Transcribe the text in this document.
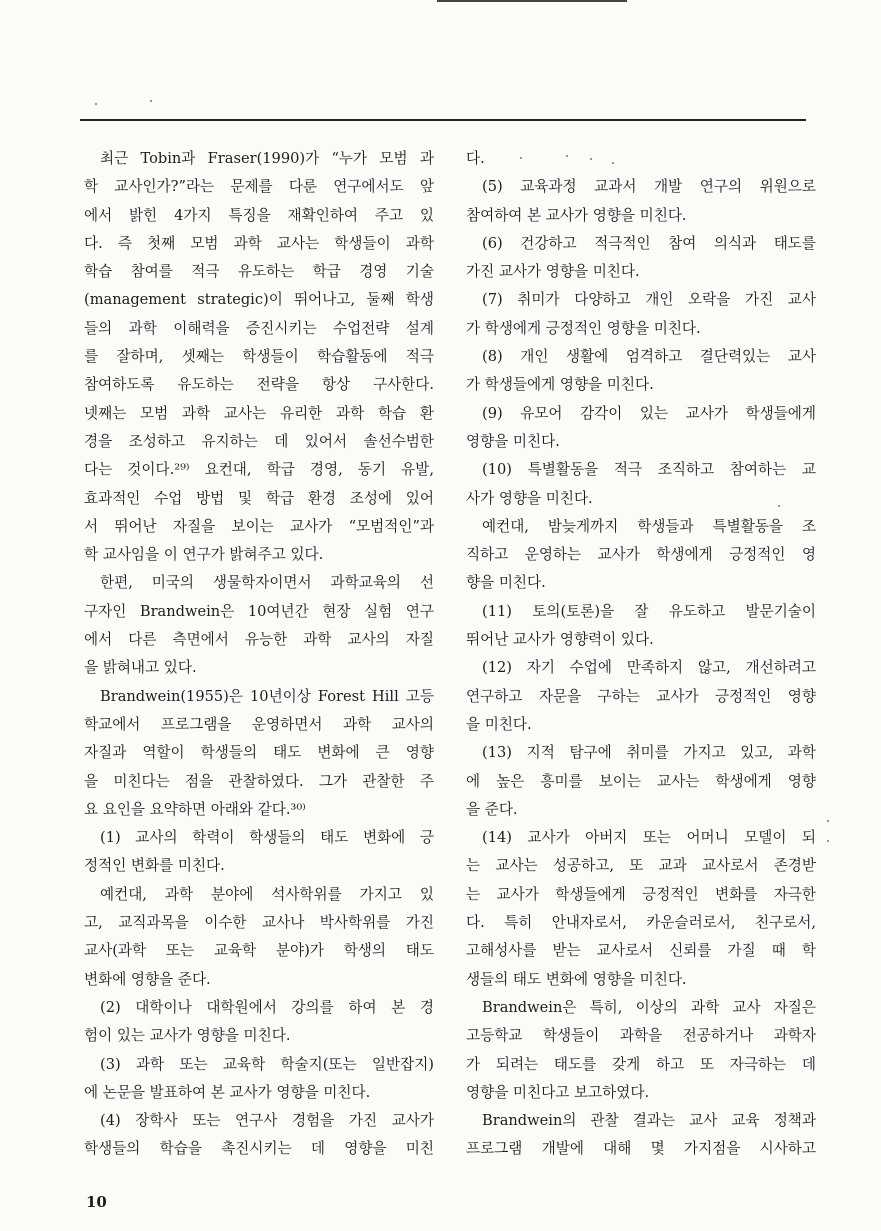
최근 Tobin과 Fraser(1990)가 “누가 모범 과
학 교사인가?”라는 문제를 다룬 연구에서도 앞
에서 밝힌 4가지 특징을 재확인하여 주고 있
다. 즉 첫째 모범 과학 교사는 학생들이 과학
학습 참여를 적극 유도하는 학급 경영 기술
(management strategic)이 뛰어나고, 둘째 학생
들의 과학 이해력을 증진시키는 수업전략 설계
를 잘하며, 셋째는 학생들이 학습활동에 적극
참여하도록 유도하는 전략을 항상 구사한다.
넷째는 모범 과학 교사는 유리한 과학 학습 환
경을 조성하고 유지하는 데 있어서 솔선수범한
다는 것이다.²⁹⁾ 요컨대, 학급 경영, 동기 유발,
효과적인 수업 방법 및 학급 환경 조성에 있어
서 뛰어난 자질을 보이는 교사가 “모범적인”과
학 교사임을 이 연구가 밝혀주고 있다.
한편, 미국의 생물학자이면서 과학교육의 선
구자인 Brandwein은 10여년간 현장 실험 연구
에서 다른 측면에서 유능한 과학 교사의 자질
을 밝혀내고 있다.
Brandwein(1955)은 10년이상 Forest Hill 고등
학교에서 프로그램을 운영하면서 과학 교사의
자질과 역할이 학생들의 태도 변화에 큰 영향
을 미친다는 점을 관찰하였다. 그가 관찰한 주
요 요인을 요약하면 아래와 같다.³⁰⁾
(1) 교사의 학력이 학생들의 태도 변화에 긍
정적인 변화를 미친다.
예컨대, 과학 분야에 석사학위를 가지고 있
고, 교직과목을 이수한 교사나 박사학위를 가진
교사(과학 또는 교육학 분야)가 학생의 태도
변화에 영향을 준다.
(2) 대학이나 대학원에서 강의를 하여 본 경
험이 있는 교사가 영향을 미친다.
(3) 과학 또는 교육학 학술지(또는 일반잡지)
에 논문을 발표하여 본 교사가 영향을 미친다.
(4) 장학사 또는 연구사 경험을 가진 교사가
학생들의 학습을 촉진시키는 데 영향을 미친
다.
(5) 교육과정 교과서 개발 연구의 위원으로
참여하여 본 교사가 영향을 미친다.
(6) 건강하고 적극적인 참여 의식과 태도를
가진 교사가 영향을 미친다.
(7) 취미가 다양하고 개인 오락을 가진 교사
가 학생에게 긍정적인 영향을 미친다.
(8) 개인 생활에 엄격하고 결단력있는 교사
가 학생들에게 영향을 미친다.
(9) 유모어 감각이 있는 교사가 학생들에게
영향을 미친다.
(10) 특별활동을 적극 조직하고 참여하는 교
사가 영향을 미친다.
예컨대, 밤늦게까지 학생들과 특별활동을 조
직하고 운영하는 교사가 학생에게 긍정적인 영
향을 미친다.
(11) 토의(토론)을 잘 유도하고 발문기술이
뛰어난 교사가 영향력이 있다.
(12) 자기 수업에 만족하지 않고, 개선하려고
연구하고 자문을 구하는 교사가 긍정적인 영향
을 미친다.
(13) 지적 탐구에 취미를 가지고 있고, 과학
에 높은 흥미를 보이는 교사는 학생에게 영향
을 준다.
(14) 교사가 아버지 또는 어머니 모델이 되
는 교사는 성공하고, 또 교과 교사로서 존경받
는 교사가 학생들에게 긍정적인 변화를 자극한
다. 특히 안내자로서, 카운슬러로서, 친구로서,
고해성사를 받는 교사로서 신뢰를 가질 때 학
생들의 태도 변화에 영향을 미친다.
Brandwein은 특히, 이상의 과학 교사 자질은
고등학교 학생들이 과학을 전공하거나 과학자
가 되려는 태도를 갖게 하고 또 자극하는 데
영향을 미친다고 보고하였다.
Brandwein의 관찰 결과는 교사 교육 정책과
프로그램 개발에 대해 몇 가지점을 시사하고
10
